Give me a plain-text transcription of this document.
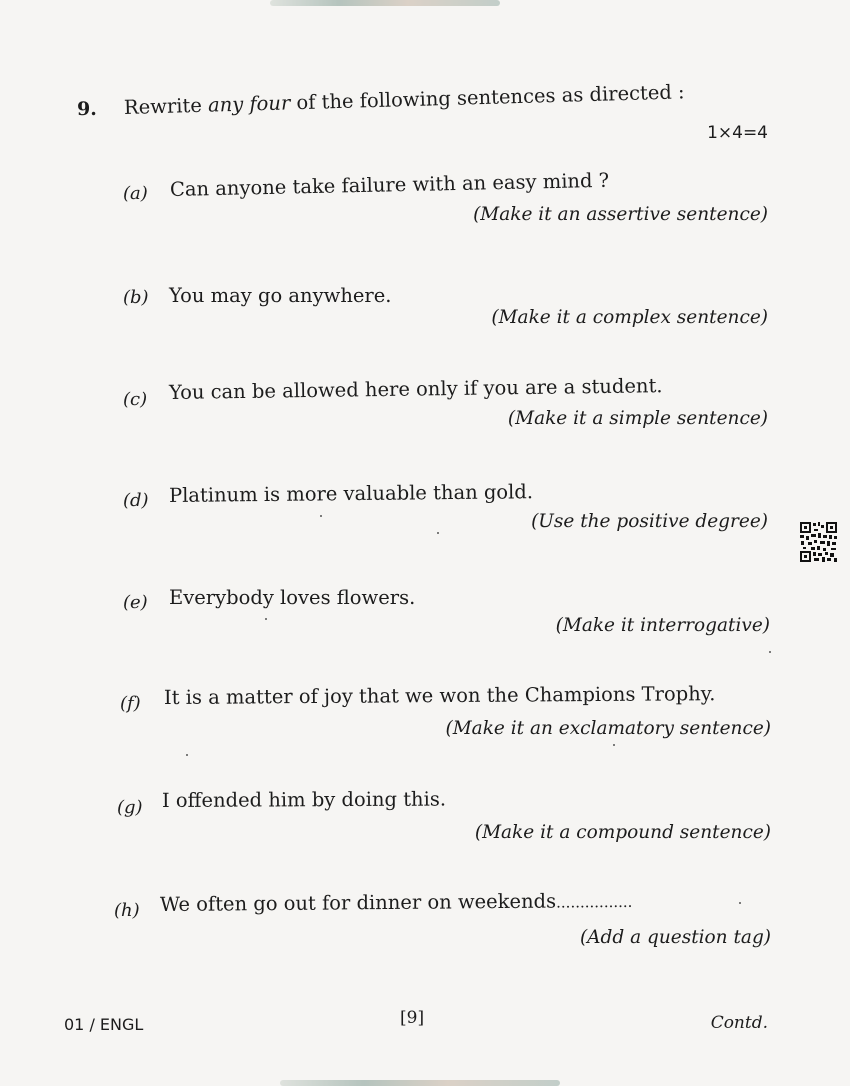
9. Rewrite any four of the following sentences as directed :
1×4=4
(a) Can anyone take failure with an easy mind ?
(Make it an assertive sentence)
(b) You may go anywhere.
(Make it a complex sentence)
(c) You can be allowed here only if you are a student.
(Make it a simple sentence)
(d) Platinum is more valuable than gold.
(Use the positive degree)
(e) Everybody loves flowers.
(Make it interrogative)
(f) It is a matter of joy that we won the Champions Trophy.
(Make it an exclamatory sentence)
(g) I offended him by doing this.
(Make it a compound sentence)
(h) We often go out for dinner on weekends................
(Add a question tag)
01 / ENGL	[9]	Contd.
